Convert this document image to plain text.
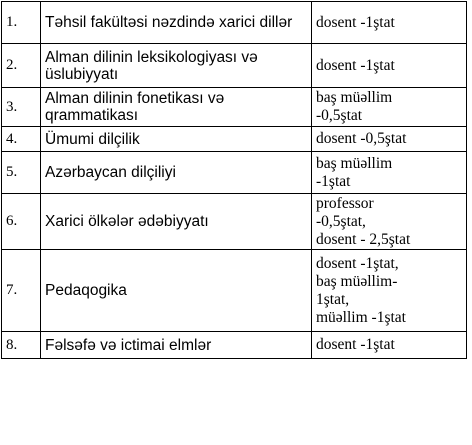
1.	Təhsil fakültəsi nəzdində xarici dillər	dosent -1ştat
2.	Alman dilinin leksikologiyası və üslubiyyatı	dosent -1ştat
3.	Alman dilinin fonetikası və qrammatikası	baş müəllim
-0,5ştat
4.	Ümumi dilçilik	dosent -0,5ştat
5.	Azərbaycan dilçiliyi	baş müəllim
-1ştat
6.	Xarici ölkələr ədəbiyyatı	professor
-0,5ştat,
dosent - 2,5ştat
7.	Pedaqogika	dosent -1ştat,
baş müəllim-
1ştat,
müəllim -1ştat
8.	Fəlsəfə və ictimai elmlər	dosent -1ştat
